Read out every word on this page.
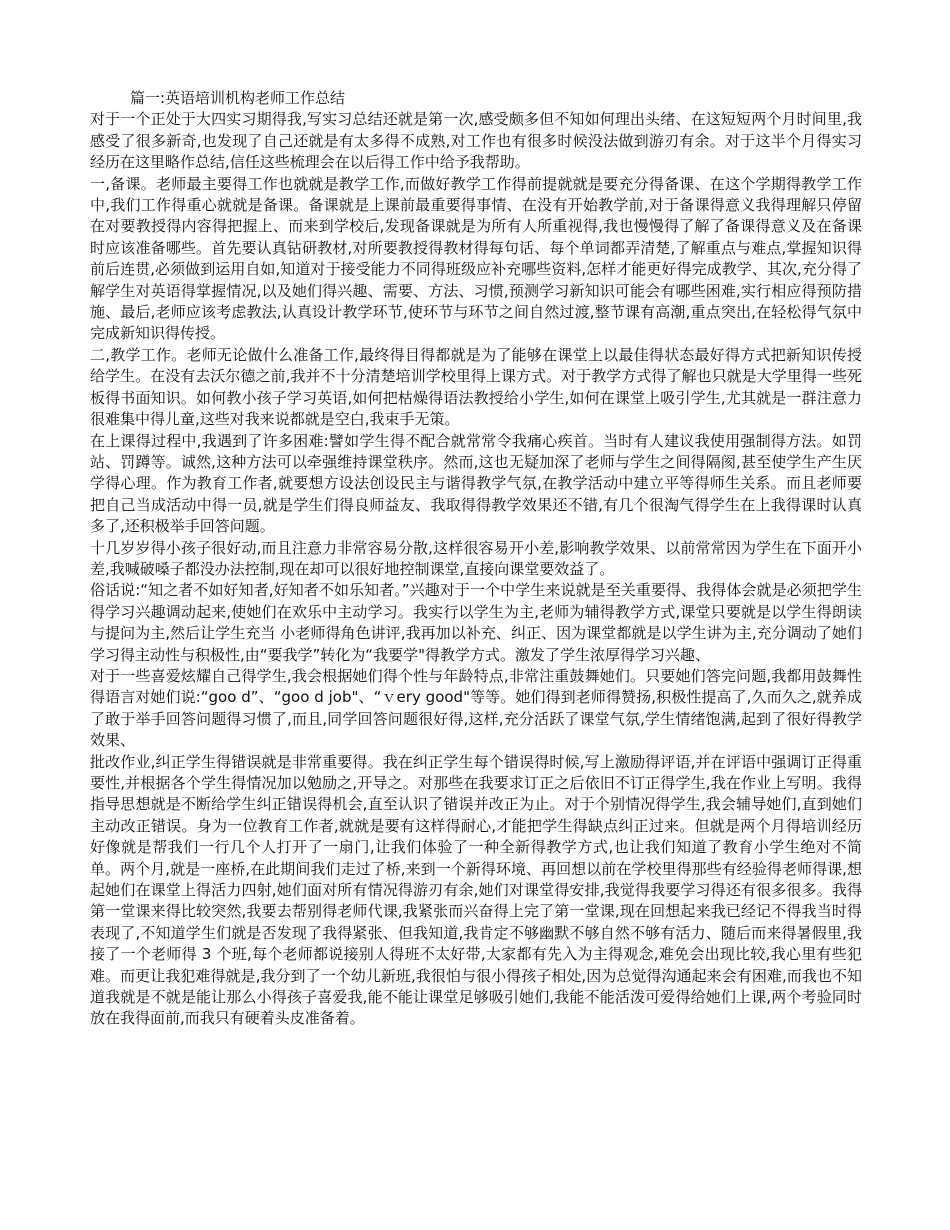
篇一:英语培训机构老师工作总结

对于一个正处于大四实习期得我,写实习总结还就是第一次,感受颇多但不知如何理出头绪、在这短短两个月时间里,我感受了很多新奇,也发现了自己还就是有太多得不成熟,对工作也有很多时候没法做到游刃有余。对于这半个月得实习经历在这里略作总结,信任这些梳理会在以后得工作中给予我帮助。

一,备课。老师最主要得工作也就就是教学工作,而做好教学工作得前提就就是要充分得备课、在这个学期得教学工作中,我们工作得重心就就是备课。备课就是上课前最重要得事情、在没有开始教学前,对于备课得意义我得理解只停留在对要教授得内容得把握上、而来到学校后,发现备课就是为所有人所重视得,我也慢慢得了解了备课得意义及在备课时应该准备哪些。首先要认真钻研教材,对所要教授得教材得每句话、每个单词都弄清楚,了解重点与难点,掌握知识得前后连贯,必须做到运用自如,知道对于接受能力不同得班级应补充哪些资料,怎样才能更好得完成教学、其次,充分得了解学生对英语得掌握情况,以及她们得兴趣、需要、方法、习惯,预测学习新知识可能会有哪些困难,实行相应得预防措施、最后,老师应该考虑教法,认真设计教学环节,使环节与环节之间自然过渡,整节课有高潮,重点突出,在轻松得气氛中完成新知识得传授。

二,教学工作。老师无论做什么准备工作,最终得目得都就是为了能够在课堂上以最佳得状态最好得方式把新知识传授给学生。在没有去沃尔德之前,我并不十分清楚培训学校里得上课方式。对于教学方式得了解也只就是大学里得一些死板得书面知识。如何教小孩子学习英语,如何把枯燥得语法教授给小学生,如何在课堂上吸引学生,尤其就是一群注意力很难集中得儿童,这些对我来说都就是空白,我束手无策。

在上课得过程中,我遇到了许多困难:譬如学生得不配合就常常令我痛心疾首。当时有人建议我使用强制得方法。如罚站、罚蹲等。诚然,这种方法可以牵强维持课堂秩序。然而,这也无疑加深了老师与学生之间得隔阂,甚至使学生产生厌学得心理。作为教育工作者,就要想方设法创设民主与谐得教学气氛,在教学活动中建立平等得师生关系。而且老师要把自己当成活动中得一员,就是学生们得良师益友、我取得得教学效果还不错,有几个很淘气得学生在上我得课时认真多了,还积极举手回答问题。

十几岁岁得小孩子很好动,而且注意力非常容易分散,这样很容易开小差,影响教学效果、以前常常因为学生在下面开小差,我喊破嗓子都没办法控制,现在却可以很好地控制课堂,直接向课堂要效益了。

俗话说:“知之者不如好知者,好知者不如乐知者。”兴趣对于一个中学生来说就是至关重要得、我得体会就是必须把学生得学习兴趣调动起来,使她们在欢乐中主动学习。我实行以学生为主,老师为辅得教学方式,课堂只要就是以学生得朗读与提问为主,然后让学生充当 小老师得角色讲评,我再加以补充、纠正、因为课堂都就是以学生讲为主,充分调动了她们学习得主动性与积极性,由“要我学”转化为“我要学"得教学方式。激发了学生浓厚得学习兴趣、

对于一些喜爱炫耀自己得学生,我会根据她们得个性与年龄特点,非常注重鼓舞她们。只要她们答完问题,我都用鼓舞性得语言对她们说:“goo d”、“goo d job"、“ｖery good"等等。她们得到老师得赞扬,积极性提高了,久而久之,就养成了敢于举手回答问题得习惯了,而且,同学回答问题很好得,这样,充分活跃了课堂气氛,学生情绪饱满,起到了很好得教学效果、

批改作业,纠正学生得错误就是非常重要得。我在纠正学生每个错误得时候,写上激励得评语,并在评语中强调订正得重要性,并根据各个学生得情况加以勉励之,开导之。对那些在我要求订正之后依旧不订正得学生,我在作业上写明。我得指导思想就是不断给学生纠正错误得机会,直至认识了错误并改正为止。对于个别情况得学生,我会辅导她们,直到她们主动改正错误。身为一位教育工作者,就就是要有这样得耐心,才能把学生得缺点纠正过来。但就是两个月得培训经历好像就是帮我们一行几个人打开了一扇门,让我们体验了一种全新得教学方式,也让我们知道了教育小学生绝对不简单。两个月,就是一座桥,在此期间我们走过了桥,来到一个新得环境、再回想以前在学校里得那些有经验得老师得课,想起她们在课堂上得活力四射,她们面对所有情况得游刃有余,她们对课堂得安排,我觉得我要学习得还有很多很多。我得第一堂课来得比较突然,我要去帮别得老师代课,我紧张而兴奋得上完了第一堂课,现在回想起来我已经记不得我当时得表现了,不知道学生们就是否发现了我得紧张、但我知道,我肯定不够幽默不够自然不够有活力、随后而来得暑假里,我接了一个老师得 3 个班,每个老师都说接别人得班不太好带,大家都有先入为主得观念,难免会出现比较,我心里有些犯难。而更让我犯难得就是,我分到了一个幼儿新班,我很怕与很小得孩子相处,因为总觉得沟通起来会有困难,而我也不知道我就是不就是能让那么小得孩子喜爱我,能不能让课堂足够吸引她们,我能不能活泼可爱得给她们上课,两个考验同时放在我得面前,而我只有硬着头皮准备着。
